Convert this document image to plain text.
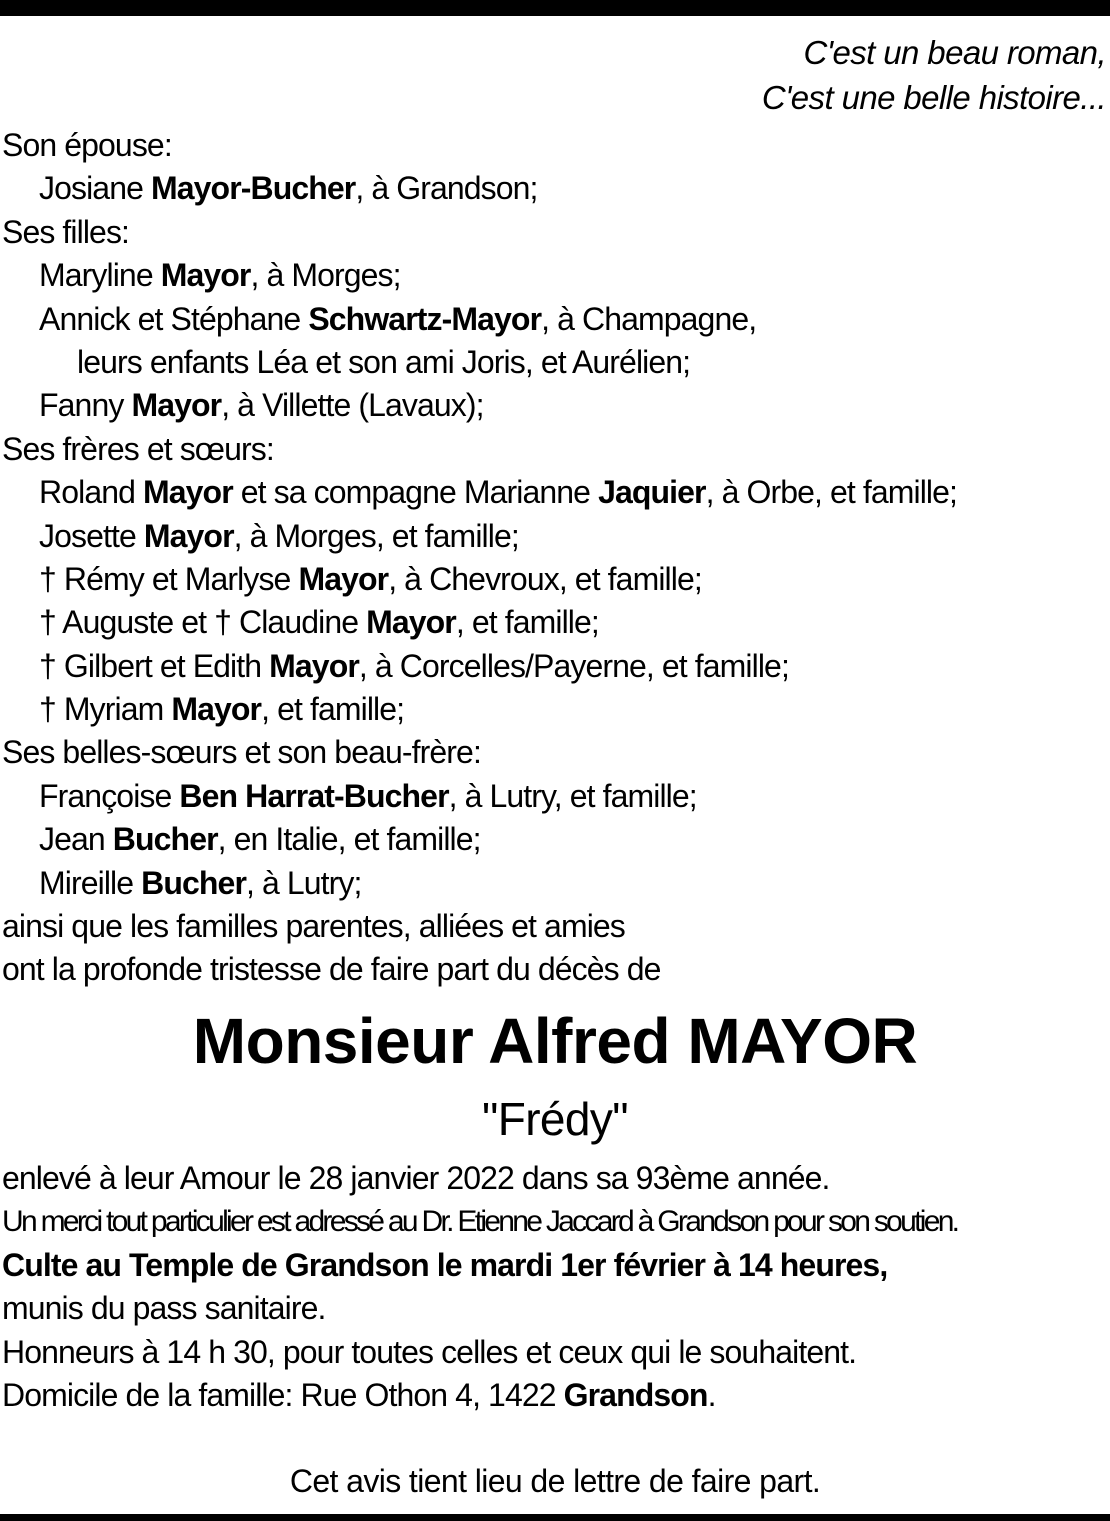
C'est un beau roman,
C'est une belle histoire...
Son épouse:
Josiane Mayor-Bucher, à Grandson;
Ses filles:
Maryline Mayor, à Morges;
Annick et Stéphane Schwartz-Mayor, à Champagne,
leurs enfants Léa et son ami Joris, et Aurélien;
Fanny Mayor, à Villette (Lavaux);
Ses frères et sœurs:
Roland Mayor et sa compagne Marianne Jaquier, à Orbe, et famille;
Josette Mayor, à Morges, et famille;
† Rémy et Marlyse Mayor, à Chevroux, et famille;
† Auguste et † Claudine Mayor, et famille;
† Gilbert et Edith Mayor, à Corcelles/Payerne, et famille;
† Myriam Mayor, et famille;
Ses belles-sœurs et son beau-frère:
Françoise Ben Harrat-Bucher, à Lutry, et famille;
Jean Bucher, en Italie, et famille;
Mireille Bucher, à Lutry;
ainsi que les familles parentes, alliées et amies
ont la profonde tristesse de faire part du décès de
Monsieur Alfred MAYOR
"Frédy"
enlevé à leur Amour le 28 janvier 2022 dans sa 93ème année.
Un merci tout particulier est adressé au Dr. Etienne Jaccard à Grandson pour son soutien.
Culte au Temple de Grandson le mardi 1er février à 14 heures,
munis du pass sanitaire.
Honneurs à 14 h 30, pour toutes celles et ceux qui le souhaitent.
Domicile de la famille: Rue Othon 4, 1422 Grandson.
Cet avis tient lieu de lettre de faire part.
